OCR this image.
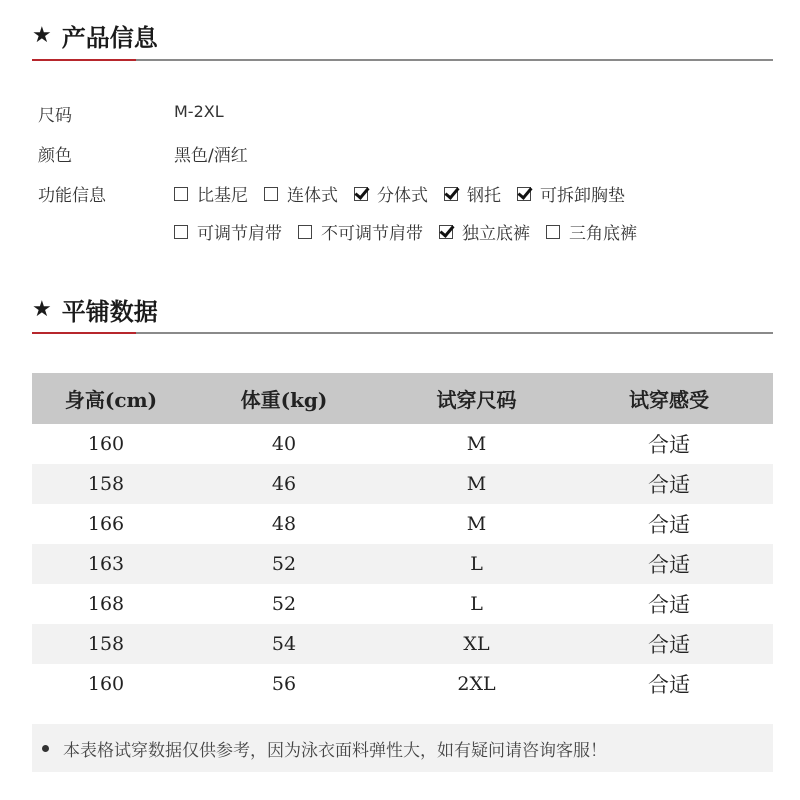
★ 产品信息
尺码	M-2XL
颜色	黑色/酒红
功能信息	比基尼 连体式 分体式 钢托 可拆卸胸垫
可调节肩带 不可调节肩带 独立底裤 三角底裤
★ 平铺数据
身高(cm)	体重(kg)	试穿尺码	试穿感受
160	40	M	合适
158	46	M	合适
166	48	M	合适
163	52	L	合适
168	52	L	合适
158	54	XL	合适
160	56	2XL	合适
本表格试穿数据仅供参考，因为泳衣面料弹性大，如有疑问请咨询客服！
